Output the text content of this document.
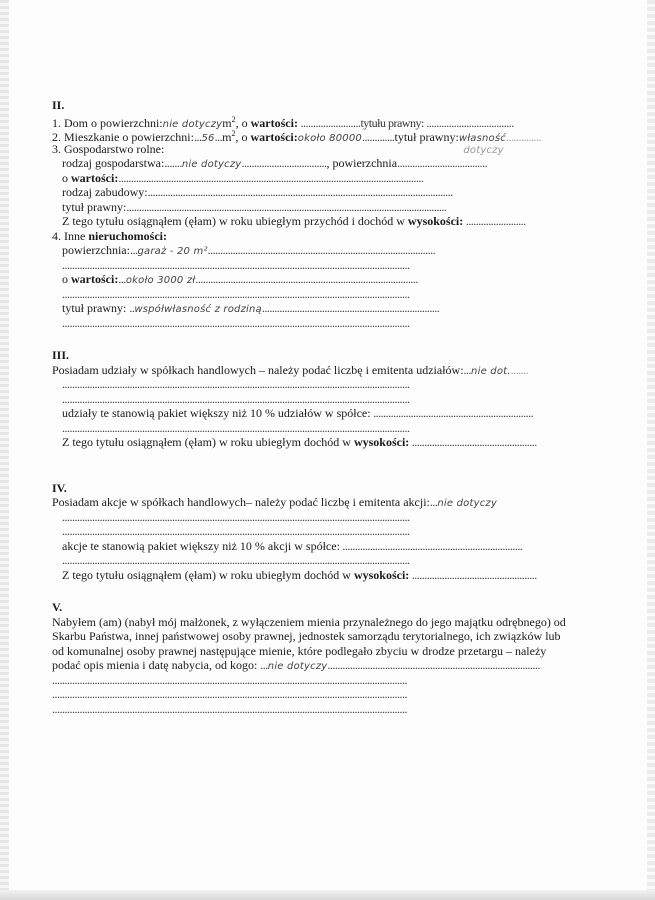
II.
1. Dom o powierzchni:nie dotyczym$^2$, o wartości: ........................tytułu prawny: ...................................
2. Mieszkanie o $powierzchni:...56...m^2$, o wartości:około 80000.............tytuł prawny:własność..............
3. Gospodarstwo rolne:	dotyczy
rodzaj gospodarstwa:.......nie dotyczy.................................., powierzchnia....................................
o wartości:..........................................................................................................................
rodzaj zabudowy:..........................................................................................................................
tytuł prawny:................................................................................................................................
Z tego tytułu osiągnąłem (ęłam) w roku ubiegłym przychód i dochód w wysokości: ........................
4. Inne nieruchomości:
powierzchnia:...garaż - 20 m²...........................................................................................
...........................................................................................................................................
o wartości:...około 3000 zł.........................................................................................
...........................................................................................................................................
tytuł prawny: ..współwłasność z rodziną.......................................................................
...........................................................................................................................................
III.
Posiadam udziały w spółkach handlowych – należy podać liczbę i emitenta udziałów:...nie dot........
...........................................................................................................................................
...........................................................................................................................................
udziały te stanowią pakiet większy niż 10 % udziałów w spółce: ................................................................
...........................................................................................................................................
Z tego tytułu osiągnąłem (ęłam) w roku ubiegłym dochód w wysokości: ..................................................
IV.
Posiadam akcje w spółkach handlowych– należy podać liczbę i emitenta akcji:...nie dotyczy
...........................................................................................................................................
...........................................................................................................................................
akcje te stanowią pakiet większy niż 10 % akcji w spółce: ........................................................................
...........................................................................................................................................
Z tego tytułu osiągnąłem (ęłam) w roku ubiegłym dochód w wysokości: ..................................................
V.
Nabyłem (am) (nabył mój małżonek, z wyłączeniem mienia przynależnego do jego majątku odrębnego) od
Skarbu Państwa, innej państwowej osoby prawnej, jednostek samorządu terytorialnego, ich związków lub
od komunalnej osoby prawnej następujące mienie, które podlegało zbyciu w drodze przetargu – należy
podać opis mienia i datę nabycia, od kogo: ...nie dotyczy.....................................................................................
..............................................................................................................................................
..............................................................................................................................................
..............................................................................................................................................
